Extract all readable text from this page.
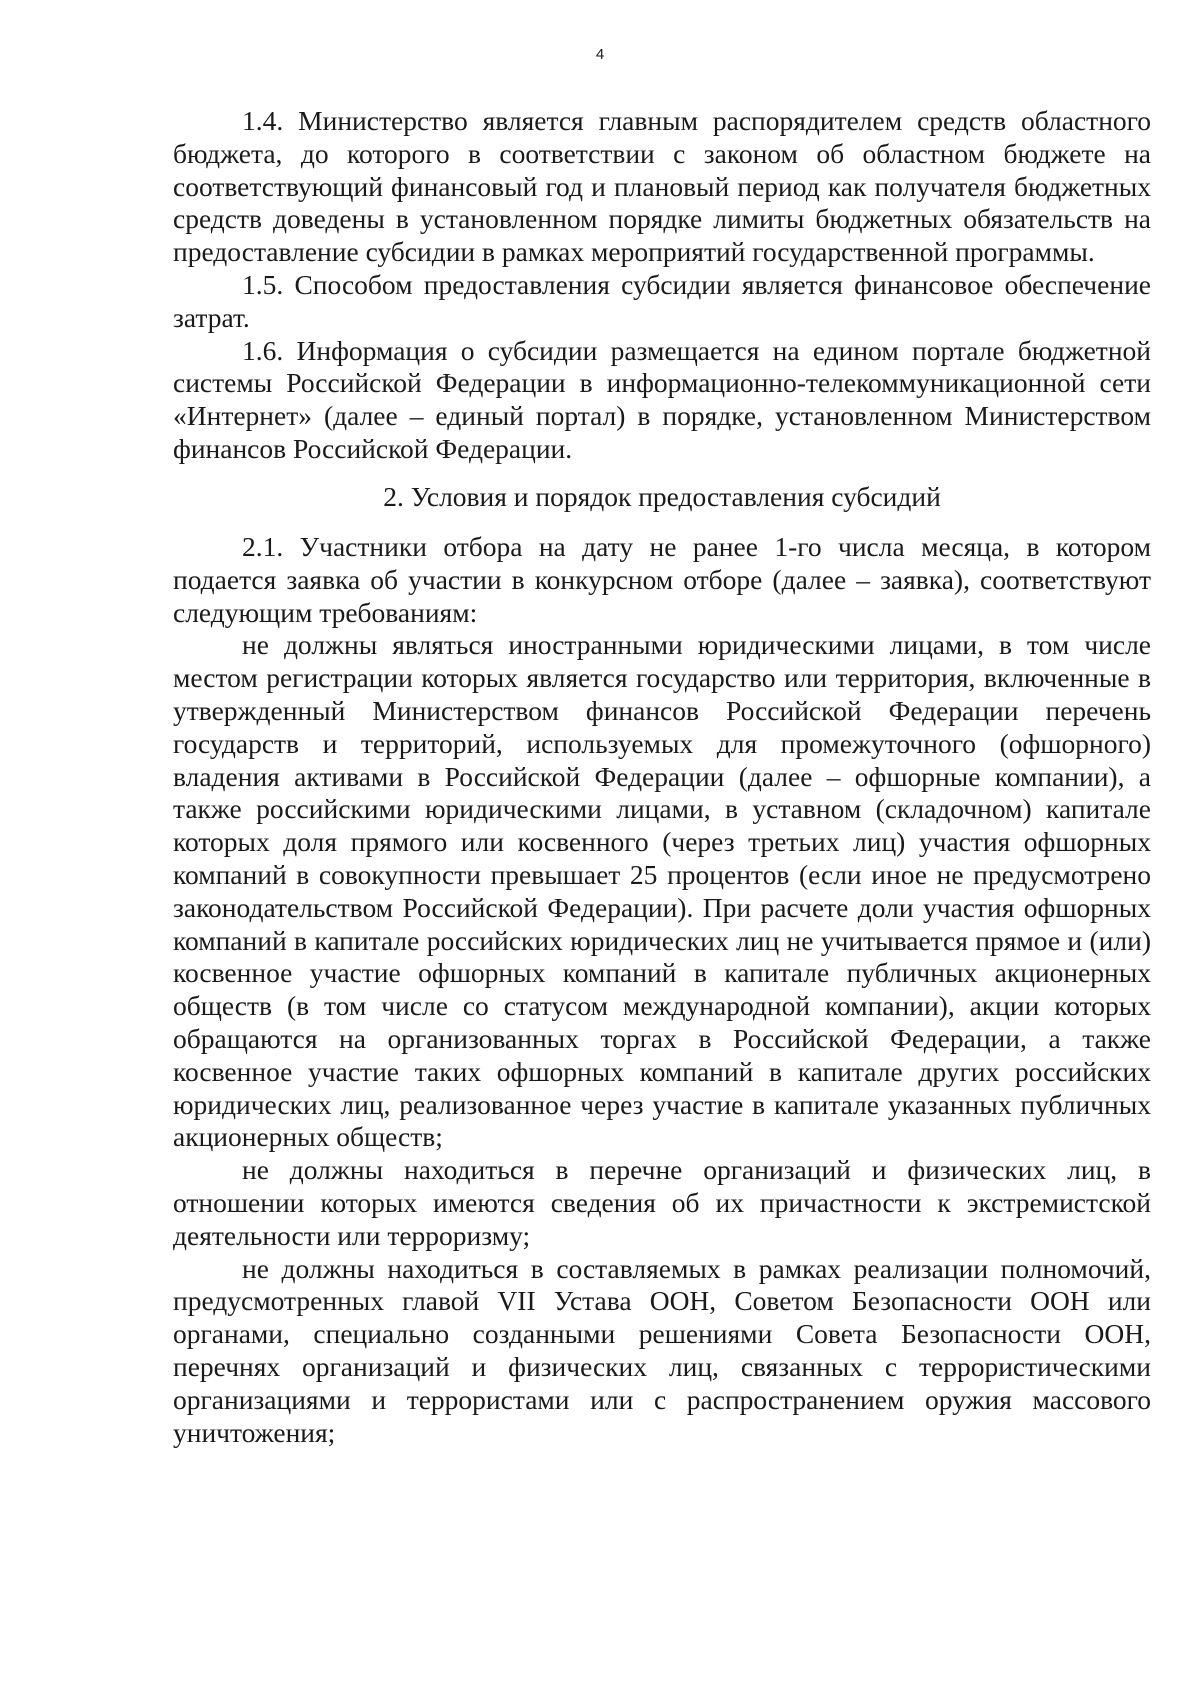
4

1.4. Министерство является главным распорядителем средств областного бюджета, до которого в соответствии с законом об областном бюджете на соответствующий финансовый год и плановый период как получателя бюджетных средств доведены в установленном порядке лимиты бюджетных обязательств на предоставление субсидии в рамках мероприятий государственной программы.

1.5. Способом предоставления субсидии является финансовое обеспечение затрат.

1.6. Информация о субсидии размещается на едином портале бюджетной системы Российской Федерации в информационно-телекоммуникационной сети «Интернет» (далее – единый портал) в порядке, установленном Министерством финансов Российской Федерации.

2. Условия и порядок предоставления субсидий

2.1. Участники отбора на дату не ранее 1-го числа месяца, в котором подается заявка об участии в конкурсном отборе (далее – заявка), соответствуют следующим требованиям:

не должны являться иностранными юридическими лицами, в том числе местом регистрации которых является государство или территория, включенные в утвержденный Министерством финансов Российской Федерации перечень государств и территорий, используемых для промежуточного (офшорного) владения активами в Российской Федерации (далее – офшорные компании), а также российскими юридическими лицами, в уставном (складочном) капитале которых доля прямого или косвенного (через третьих лиц) участия офшорных компаний в совокупности превышает 25 процентов (если иное не предусмотрено законодательством Российской Федерации). При расчете доли участия офшорных компаний в капитале российских юридических лиц не учитывается прямое и (или) косвенное участие офшорных компаний в капитале публичных акционерных обществ (в том числе со статусом международной компании), акции которых обращаются на организованных торгах в Российской Федерации, а также косвенное участие таких офшорных компаний в капитале других российских юридических лиц, реализованное через участие в капитале указанных публичных акционерных обществ;

не должны находиться в перечне организаций и физических лиц, в отношении которых имеются сведения об их причастности к экстремистской деятельности или терроризму;

не должны находиться в составляемых в рамках реализации полномочий, предусмотренных главой VII Устава ООН, Советом Безопасности ООН или органами, специально созданными решениями Совета Безопасности ООН, перечнях организаций и физических лиц, связанных с террористическими организациями и террористами или с распространением оружия массового уничтожения;
